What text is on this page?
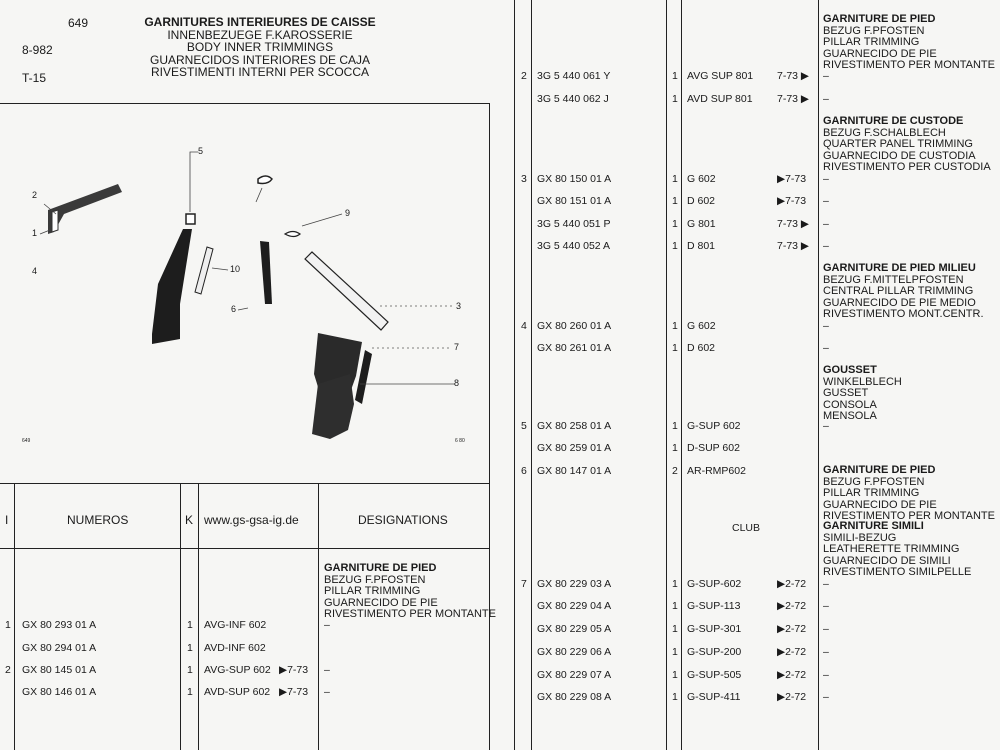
649
8-982
T-15
GARNITURES INTERIEURES DE CAISSE
INNENBEZUEGE F.KAROSSERIE
BODY INNER TRIMMINGS
GUARNECIDOS INTERIORES DE CAJA
RIVESTIMENTI INTERNI PER SCOCCA
5
2
9
1
10
4
3
6
7
8
649	6 80
I	NUMEROS	K www.gs-gsa-ig.de	DESIGNATIONS
GARNITURE DE PIED
BEZUG F.PFOSTEN
PILLAR TRIMMING
GUARNECIDO DE PIE
RIVESTIMENTO PER MONTANTE
1 GX 80 293 01 A	1 AVG-INF 602	–
GX 80 294 01 A	1 AVD-INF 602
2 GX 80 145 01 A	1 AVG-SUP 602 ▶7-73 –
GX 80 146 01 A	1 AVD-SUP 602 ▶7-73 –
2 3G 5 440 061 Y	1 AVG SUP 801 7-73 ▶ –
3G 5 440 062 J	1 AVD SUP 801 7-73 ▶ –
3 GX 80 150 01 A	1 G 602	▶7-73 –
GX 80 151 01 A	1 D 602	▶7-73 –
3G 5 440 051 P	1 G 801	7-73 ▶ –
3G 5 440 052 A	1 D 801	7-73 ▶ –
4 GX 80 260 01 A	1 G 602	–
GX 80 261 01 A	1 D 602	–
5 GX 80 258 01 A	1 G-SUP 602	–
GX 80 259 01 A	1 D-SUP 602
6 GX 80 147 01 A	2 AR-RMP602
7 GX 80 229 03 A	1 G-SUP-602	▶2-72 –
GX 80 229 04 A	1 G-SUP-113	▶2-72 –
GX 80 229 05 A	1 G-SUP-301	▶2-72 –
GX 80 229 06 A	1 G-SUP-200	▶2-72 –
GX 80 229 07 A	1 G-SUP-505	▶2-72 –
GX 80 229 08 A	1 G-SUP-411	▶2-72 –
CLUB
GARNITURE DE PIED
BEZUG F.PFOSTEN
PILLAR TRIMMING
GUARNECIDO DE PIE
RIVESTIMENTO PER MONTANTE
GARNITURE DE CUSTODE
BEZUG F.SCHALBLECH
QUARTER PANEL TRIMMING
GUARNECIDO DE CUSTODIA
RIVESTIMENTO PER CUSTODIA
GARNITURE DE PIED MILIEU
BEZUG F.MITTELPFOSTEN
CENTRAL PILLAR TRIMMING
GUARNECIDO DE PIE MEDIO
RIVESTIMENTO MONT.CENTR.
GOUSSET
WINKELBLECH
GUSSET
CONSOLA
MENSOLA
GARNITURE DE PIED
BEZUG F.PFOSTEN
PILLAR TRIMMING
GUARNECIDO DE PIE
RIVESTIMENTO PER MONTANTE
GARNITURE SIMILI
SIMILI-BEZUG
LEATHERETTE TRIMMING
GUARNECIDO DE SIMILI
RIVESTIMENTO SIMILPELLE
